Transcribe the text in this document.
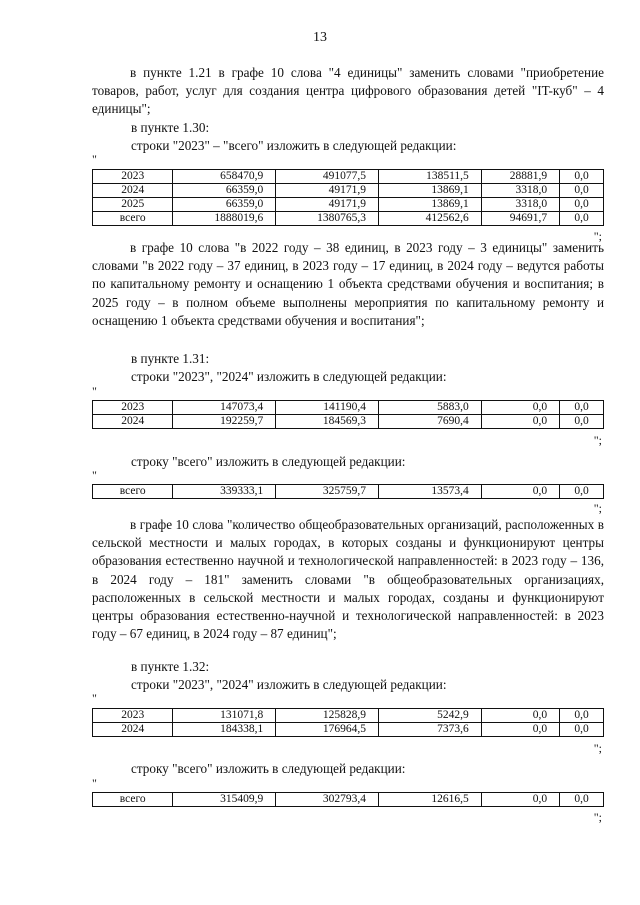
13

в пункте 1.21 в графе 10 слова "4 единицы" заменить словами "приобретение товаров, работ, услуг для создания центра цифрового образования детей "IT-куб" – 4 единицы";

в пункте 1.30:

строки "2023" – "всего" изложить в следующей редакции:

"
2023	658470,9	491077,5	138511,5	28881,9	0,0
2024	66359,0	49171,9	13869,1	3318,0	0,0
2025	66359,0	49171,9	13869,1	3318,0	0,0
всего	1888019,6	1380765,3	412562,6	94691,7	0,0
";

в графе 10 слова "в 2022 году – 38 единиц, в 2023 году – 3 единицы" заменить словами "в 2022 году – 37 единиц, в 2023 году – 17 единиц, в 2024 году – ведутся работы по капитальному ремонту и оснащению 1 объекта средствами обучения и воспитания; в 2025 году – в полном объеме выполнены мероприятия по капитальному ремонту и оснащению 1 объекта средствами обучения и воспитания";

в пункте 1.31:

строки "2023", "2024" изложить в следующей редакции:

"
2023	147073,4	141190,4	5883,0	0,0	0,0
2024	192259,7	184569,3	7690,4	0,0	0,0
";

строку "всего" изложить в следующей редакции:

"
всего	339333,1	325759,7	13573,4	0,0	0,0
";

в графе 10 слова "количество общеобразовательных организаций, расположенных в сельской местности и малых городах, в которых созданы и функционируют центры образования естественно научной и технологической направленностей: в 2023 году – 136, в 2024 году – 181" заменить словами "в общеобразовательных организациях, расположенных в сельской местности и малых городах, созданы и функционируют центры образования естественно-научной и технологической направленностей: в 2023 году – 67 единиц, в 2024 году – 87 единиц";

в пункте 1.32:

строки "2023", "2024" изложить в следующей редакции:

"
2023	131071,8	125828,9	5242,9	0,0	0,0
2024	184338,1	176964,5	7373,6	0,0	0,0
";

строку "всего" изложить в следующей редакции:

"
всего	315409,9	302793,4	12616,5	0,0	0,0
";
